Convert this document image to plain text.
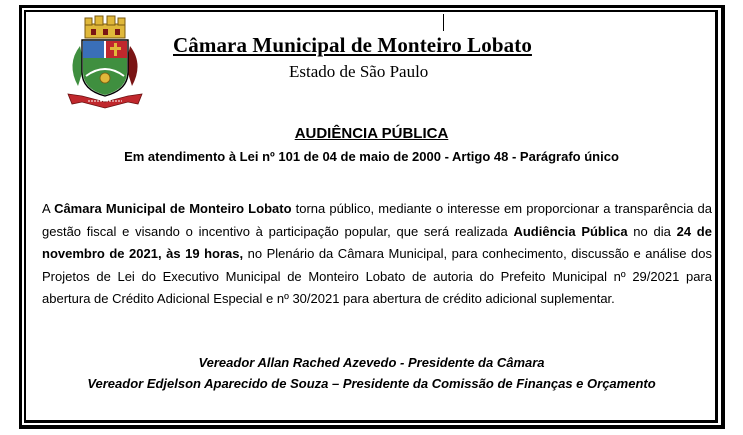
Câmara Municipal de Monteiro Lobato

Estado de São Paulo

AUDIÊNCIA PÚBLICA

Em atendimento à Lei nº 101 de 04 de maio de 2000 - Artigo 48 - Parágrafo único

A Câmara Municipal de Monteiro Lobato torna público, mediante o interesse em proporcionar a transparência da gestão fiscal e visando o incentivo à participação popular, que será realizada Audiência Pública no dia 24 de novembro de 2021, às 19 horas, no Plenário da Câmara Municipal, para conhecimento, discussão e análise dos Projetos de Lei do Executivo Municipal de Monteiro Lobato de autoria do Prefeito Municipal nº 29/2021 para abertura de Crédito Adicional Especial e nº 30/2021 para abertura de crédito adicional suplementar.

Vereador Allan Rached Azevedo - Presidente da Câmara

Vereador Edjelson Aparecido de Souza – Presidente da Comissão de Finanças e Orçamento
